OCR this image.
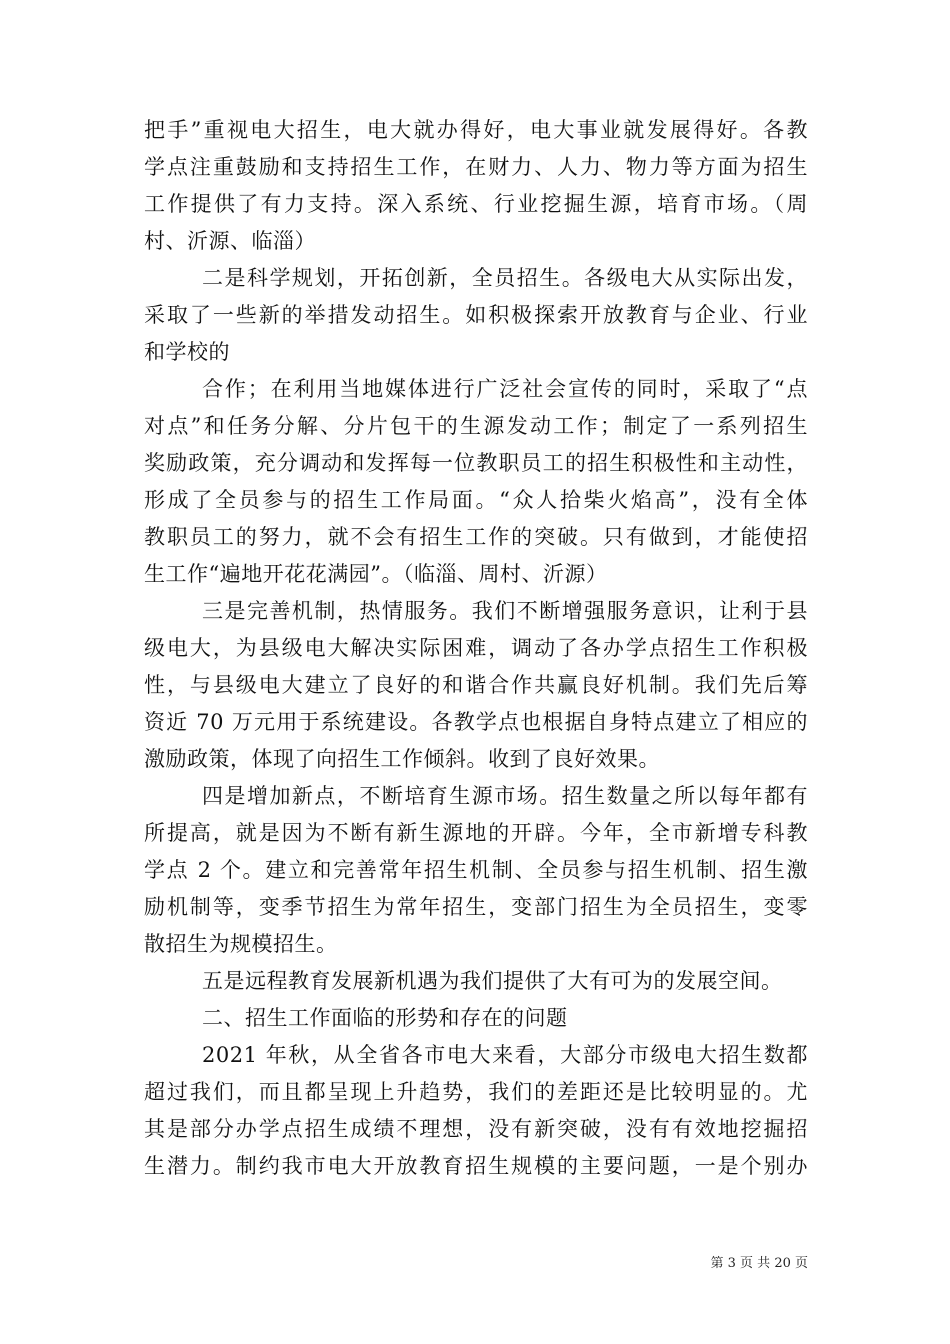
把手”重视电大招生，电大就办得好，电大事业就发展得好。各教
学点注重鼓励和支持招生工作，在财力、人力、物力等方面为招生
工作提供了有力支持。深入系统、行业挖掘生源，培育市场。（周
村、沂源、临淄）
二是科学规划，开拓创新，全员招生。各级电大从实际出发，
采取了一些新的举措发动招生。如积极探索开放教育与企业、行业
和学校的
合作；在利用当地媒体进行广泛社会宣传的同时，采取了“点
对点”和任务分解、分片包干的生源发动工作；制定了一系列招生
奖励政策，充分调动和发挥每一位教职员工的招生积极性和主动性，
形成了全员参与的招生工作局面。“众人拾柴火焰高”，没有全体
教职员工的努力，就不会有招生工作的突破。只有做到，才能使招
生工作“遍地开花花满园”。（临淄、周村、沂源）
三是完善机制，热情服务。我们不断增强服务意识，让利于县
级电大，为县级电大解决实际困难，调动了各办学点招生工作积极
性，与县级电大建立了良好的和谐合作共赢良好机制。我们先后筹
资近 70 万元用于系统建设。各教学点也根据自身特点建立了相应的
激励政策，体现了向招生工作倾斜。收到了良好效果。
四是增加新点，不断培育生源市场。招生数量之所以每年都有
所提高，就是因为不断有新生源地的开辟。今年，全市新增专科教
学点 2 个。建立和完善常年招生机制、全员参与招生机制、招生激
励机制等，变季节招生为常年招生，变部门招生为全员招生，变零
散招生为规模招生。
五是远程教育发展新机遇为我们提供了大有可为的发展空间。
二、招生工作面临的形势和存在的问题
2021 年秋，从全省各市电大来看，大部分市级电大招生数都
超过我们，而且都呈现上升趋势，我们的差距还是比较明显的。尤
其是部分办学点招生成绩不理想，没有新突破，没有有效地挖掘招
生潜力。制约我市电大开放教育招生规模的主要问题，一是个别办
第 3 页 共 20 页
